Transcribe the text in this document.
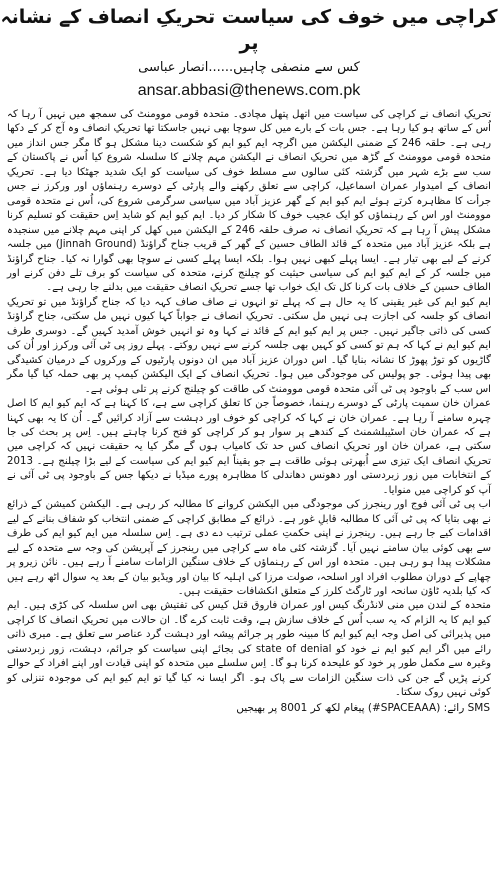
کراچی میں خوف کی سیاست تحریکِ انصاف کے نشانہ پر
کس سے منصفی چاہیں......انصار عباسی
ansar.abbasi@thenews.com.pk

تحریکِ انصاف نے کراچی کی سیاست میں اتھل پتھل مچادی۔ متحدہ قومی موومنٹ کی سمجھ میں نہیں آ رہا کہ اُس کے ساتھ ہو کیا رہا ہے۔ جس بات کے بارے میں کل سوچا بھی نہیں جاسکتا تھا تحریکِ انصاف وہ آج کر کے دکھا رہی ہے۔ حلقہ 246 کے ضمنی الیکشن میں اگرچہ ایم کیو ایم کو شکست دینا مشکل ہو گا مگر جس انداز میں متحدہ قومی موومنٹ کے گڑھ میں تحریکِ انصاف نے الیکشن مہم چلانے کا سلسلہ شروع کیا اُس نے پاکستان کے سب سے بڑے شہر میں گزشتہ کئی سالوں سے مسلط خوف کی سیاست کو ایک شدید جھٹکا دیا ہے۔ تحریکِ انصاف کے امیدوار عمران اسماعیل، کراچی سے تعلق رکھنے والے پارٹی کے دوسرے رہنماؤں اور ورکرز نے جس جرأت کا مظاہرہ کرتے ہوئے ایم کیو ایم کے گھر عزیز آباد میں سیاسی سرگرمی شروع کی، اُس نے متحدہ قومی موومنٹ اور اس کے رہنماؤں کو ایک عجیب خوف کا شکار کر دیا۔ ایم کیو ایم کو شاید اِس حقیقت کو تسلیم کرنا مشکل پیش آ رہا ہے کہ تحریکِ انصاف نہ صرف حلقہ 246 کے الیکشن میں کھل کر اپنی مہم چلانے میں سنجیدہ ہے بلکہ عزیز آباد میں متحدہ کے قائد الطاف حسین کے گھر کے قریب جناح گراؤنڈ (Jinnah Ground) میں جلسہ کرنے کے لیے بھی تیار ہے۔ ایسا پہلے کبھی نہیں ہوا۔ بلکہ ایسا پہلے کسی نے سوچا بھی گوارا نہ کیا۔ جناح گراؤنڈ میں جلسہ کر کے ایم کیو ایم کی سیاسی حیثیت کو چیلنج کرنے، متحدہ کی سیاست کو برف تلے دفن کرنے اور الطاف حسین کے خلاف بات کرنا کل تک ایک خواب تھا جسے تحریکِ انصاف حقیقت میں بدلنے جا رہی ہے۔

ایم کیو ایم کی غیر یقینی کا یہ حال ہے کہ پہلے تو انہوں نے صاف صاف کہہ دیا کہ جناح گراؤنڈ میں تو تحریکِ انصاف کو جلسہ کی اجازت ہی نہیں مل سکتی۔ تحریکِ انصاف نے جواباً کہا کیوں نہیں مل سکتی، جناح گراؤنڈ کسی کی ذاتی جاگیر نہیں۔ جس پر ایم کیو ایم کے قائد نے کہا وہ تو انہیں خوش آمدید کہیں گے۔ دوسری طرف ایم کیو ایم نے کہا کہ ہم تو کسی کو کہیں بھی جلسہ کرنے سے نہیں روکتے۔ پہلے روز پی ٹی آئی ورکرز اور اُن کی گاڑیوں کو توڑ پھوڑ کا نشانہ بنایا گیا۔ اس دوران عزیز آباد میں ان دونوں پارٹیوں کے ورکروں کے درمیان کشیدگی بھی پیدا ہوئی۔ جو پولیس کی موجودگی میں ہوا۔ تحریکِ انصاف کے ایک الیکشن کیمپ پر بھی حملہ کیا گیا مگر اس سب کے باوجود پی ٹی آئی متحدہ قومی موومنٹ کی طاقت کو چیلنج کرنے پر تلی ہوئی ہے۔

عمران خان سمیت پارٹی کے دوسرے رہنما، خصوصاً جن کا تعلق کراچی سے ہے، کا کہنا ہے کہ ایم کیو ایم کا اصل چہرہ سامنے آ رہا ہے۔ عمران خان نے کہا کہ کراچی کو خوف اور دہشت سے آزاد کرائیں گے۔ اُن کا یہ بھی کہنا ہے کہ عمران خان اسٹیبلشمنٹ کے کندھے پر سوار ہو کر کراچی کو فتح کرنا چاہتے ہیں۔ اِس پر بحث کی جا سکتی ہے، عمران خان اور تحریکِ انصاف کس حد تک کامیاب ہوں گے مگر کیا یہ حقیقت نہیں کہ کراچی میں تحریکِ انصاف ایک تیزی سے اُبھرتی ہوئی طاقت ہے جو یقیناً ایم کیو ایم کی سیاست کے لیے بڑا چیلنج ہے۔ 2013 کے انتخابات میں زور زبردستی اور دھونس دھاندلی کا مظاہرہ پورے میڈیا نے دیکھا جس کے باوجود پی ٹی آئی نے آپ کو کراچی میں منوایا۔

اب پی ٹی آئی فوج اور رینجرز کی موجودگی میں الیکشن کروانے کا مطالبہ کر رہی ہے۔ الیکشن کمیشن کے ذرائع نے بھی بتایا کہ پی ٹی آئی کا مطالبہ قابلِ غور ہے۔ ذرائع کے مطابق کراچی کے ضمنی انتخاب کو شفاف بنانے کے لیے اقدامات کیے جا رہے ہیں۔ رینجرز نے اپنی حکمتِ عملی ترتیب دے دی ہے۔ اِس سلسلہ میں ایم کیو ایم کی طرف سے بھی کوئی بیان سامنے نہیں آیا۔ گزشتہ کئی ماہ سے کراچی میں رینجرز کے آپریشن کی وجہ سے متحدہ کے لیے مشکلات پیدا ہو رہی ہیں۔ متحدہ اور اس کے رہنماؤں کے خلاف سنگین الزامات سامنے آ رہے ہیں۔ نائن زیرو پر چھاپے کے دوران مطلوب افراد اور اسلحہ، صولت مرزا کی اہلیہ کا بیان اور ویڈیو بیان کے بعد یہ سوال اٹھ رہے ہیں کہ کیا بلدیہ ٹاؤن سانحہ اور ٹارگٹ کلرز کے متعلق انکشافات حقیقت ہیں۔

متحدہ کے لندن میں منی لانڈرنگ کیس اور عمران فاروق قتل کیس کی تفتیش بھی اس سلسلہ کی کڑی ہیں۔ ایم کیو ایم کا یہ الزام کہ یہ سب اُس کے خلاف سازش ہے، وقت ثابت کرے گا۔ ان حالات میں تحریکِ انصاف کا کراچی میں پذیرائی کی اصل وجہ ایم کیو ایم کا مبینہ طور پر جرائم پیشہ اور دہشت گرد عناصر سے تعلق ہے۔ میری ذاتی رائے میں اگر ایم کیو ایم نے خود کو state of denial کی بجائے اپنی سیاست کو جرائم، دہشت، زور زبردستی وغیرہ سے مکمل طور پر خود کو علیحدہ کرنا ہو گا۔ اِس سلسلے میں متحدہ کو اپنی قیادت اور اپنے افراد کے حوالے کرنے پڑیں گے جن کی ذات سنگین الزامات سے پاک ہو۔ اگر ایسا نہ کیا گیا تو ایم کیو ایم کی موجودہ تنزلی کو کوئی نہیں روک سکتا۔

SMS رائے: (SPACEAAA#) پیغام لکھ کر 8001 پر بھیجیں
